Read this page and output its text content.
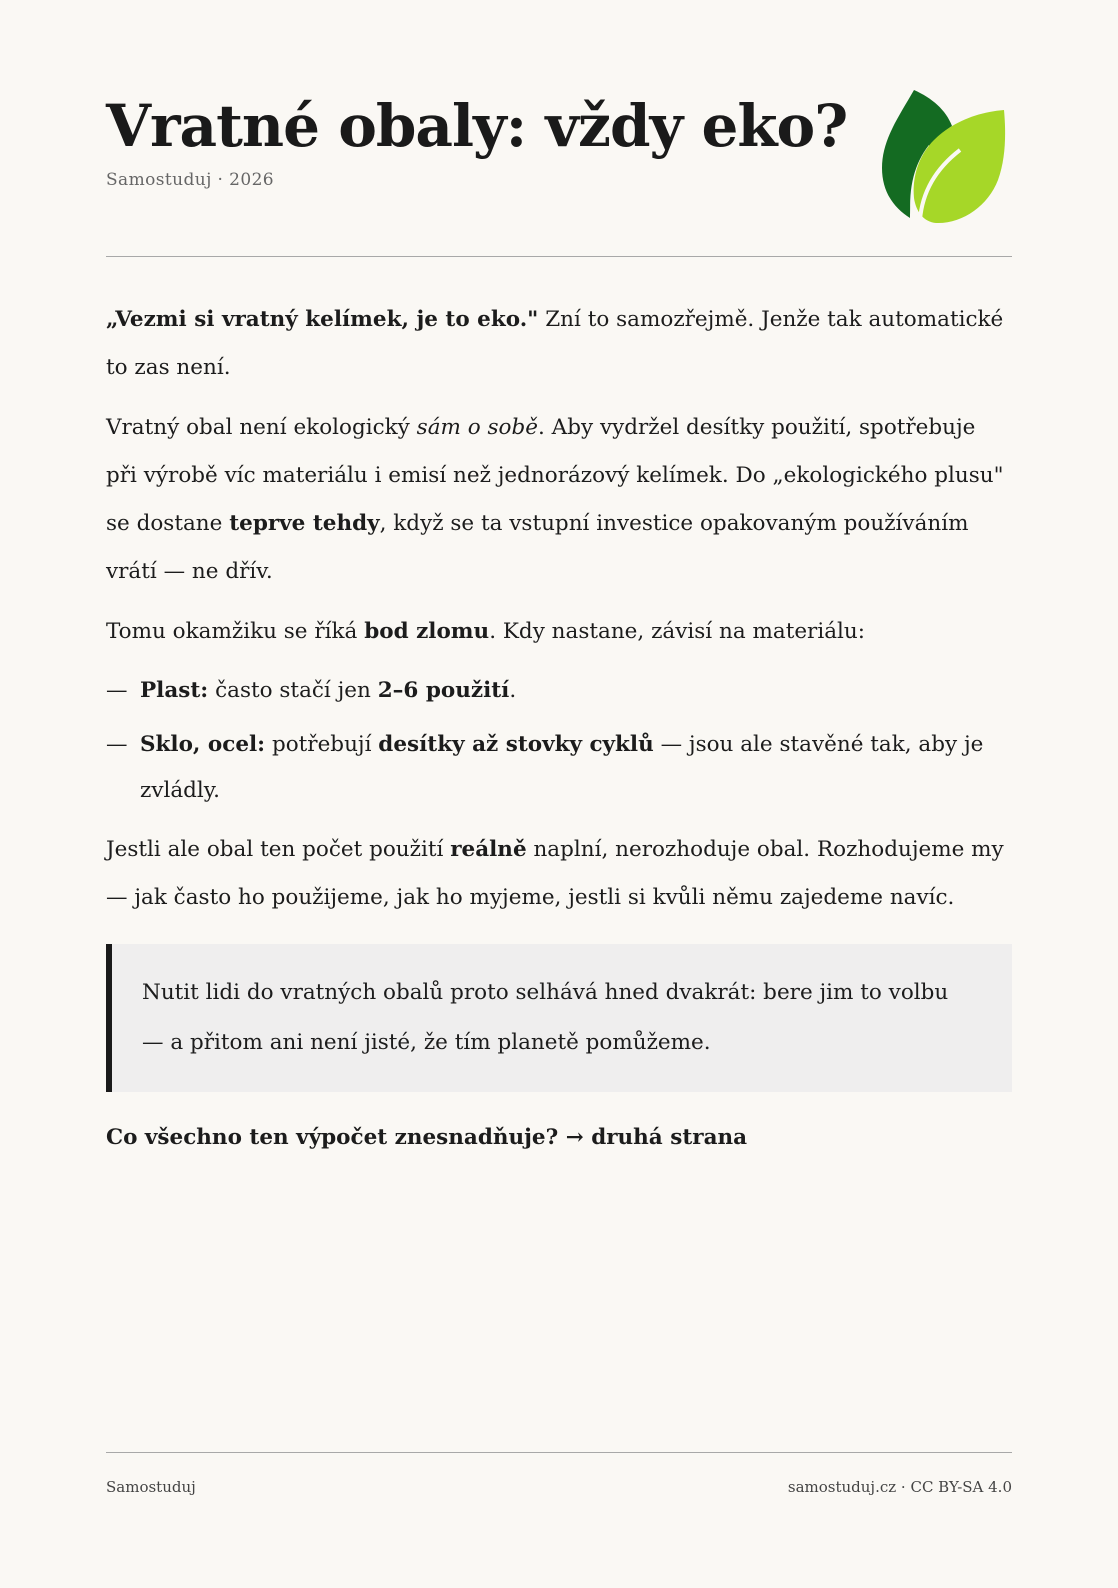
Vratné obaly: vždy eko?
Samostuduj · 2026

„Vezmi si vratný kelímek, je to eko." Zní to samozřejmě. Jenže tak automatické to zas není.

Vratný obal není ekologický sám o sobě. Aby vydržel desítky použití, spotřebuje při výrobě víc materiálu i emisí než jednorázový kelímek. Do „ekologického plusu" se dostane teprve tehdy, když se ta vstupní investice opakovaným používáním vrátí — ne dřív.

Tomu okamžiku se říká bod zlomu. Kdy nastane, závisí na materiálu:

— Plast: často stačí jen 2–6 použití.
— Sklo, ocel: potřebují desítky až stovky cyklů — jsou ale stavěné tak, aby je zvládly.

Jestli ale obal ten počet použití reálně naplní, nerozhoduje obal. Rozhodujeme my — jak často ho použijeme, jak ho myjeme, jestli si kvůli němu zajedeme navíc.

Nutit lidi do vratných obalů proto selhává hned dvakrát: bere jim to volbu — a přitom ani není jisté, že tím planetě pomůžeme.

Co všechno ten výpočet znesnadňuje? → druhá strana

Samostuduj	samostuduj.cz · CC BY-SA 4.0
